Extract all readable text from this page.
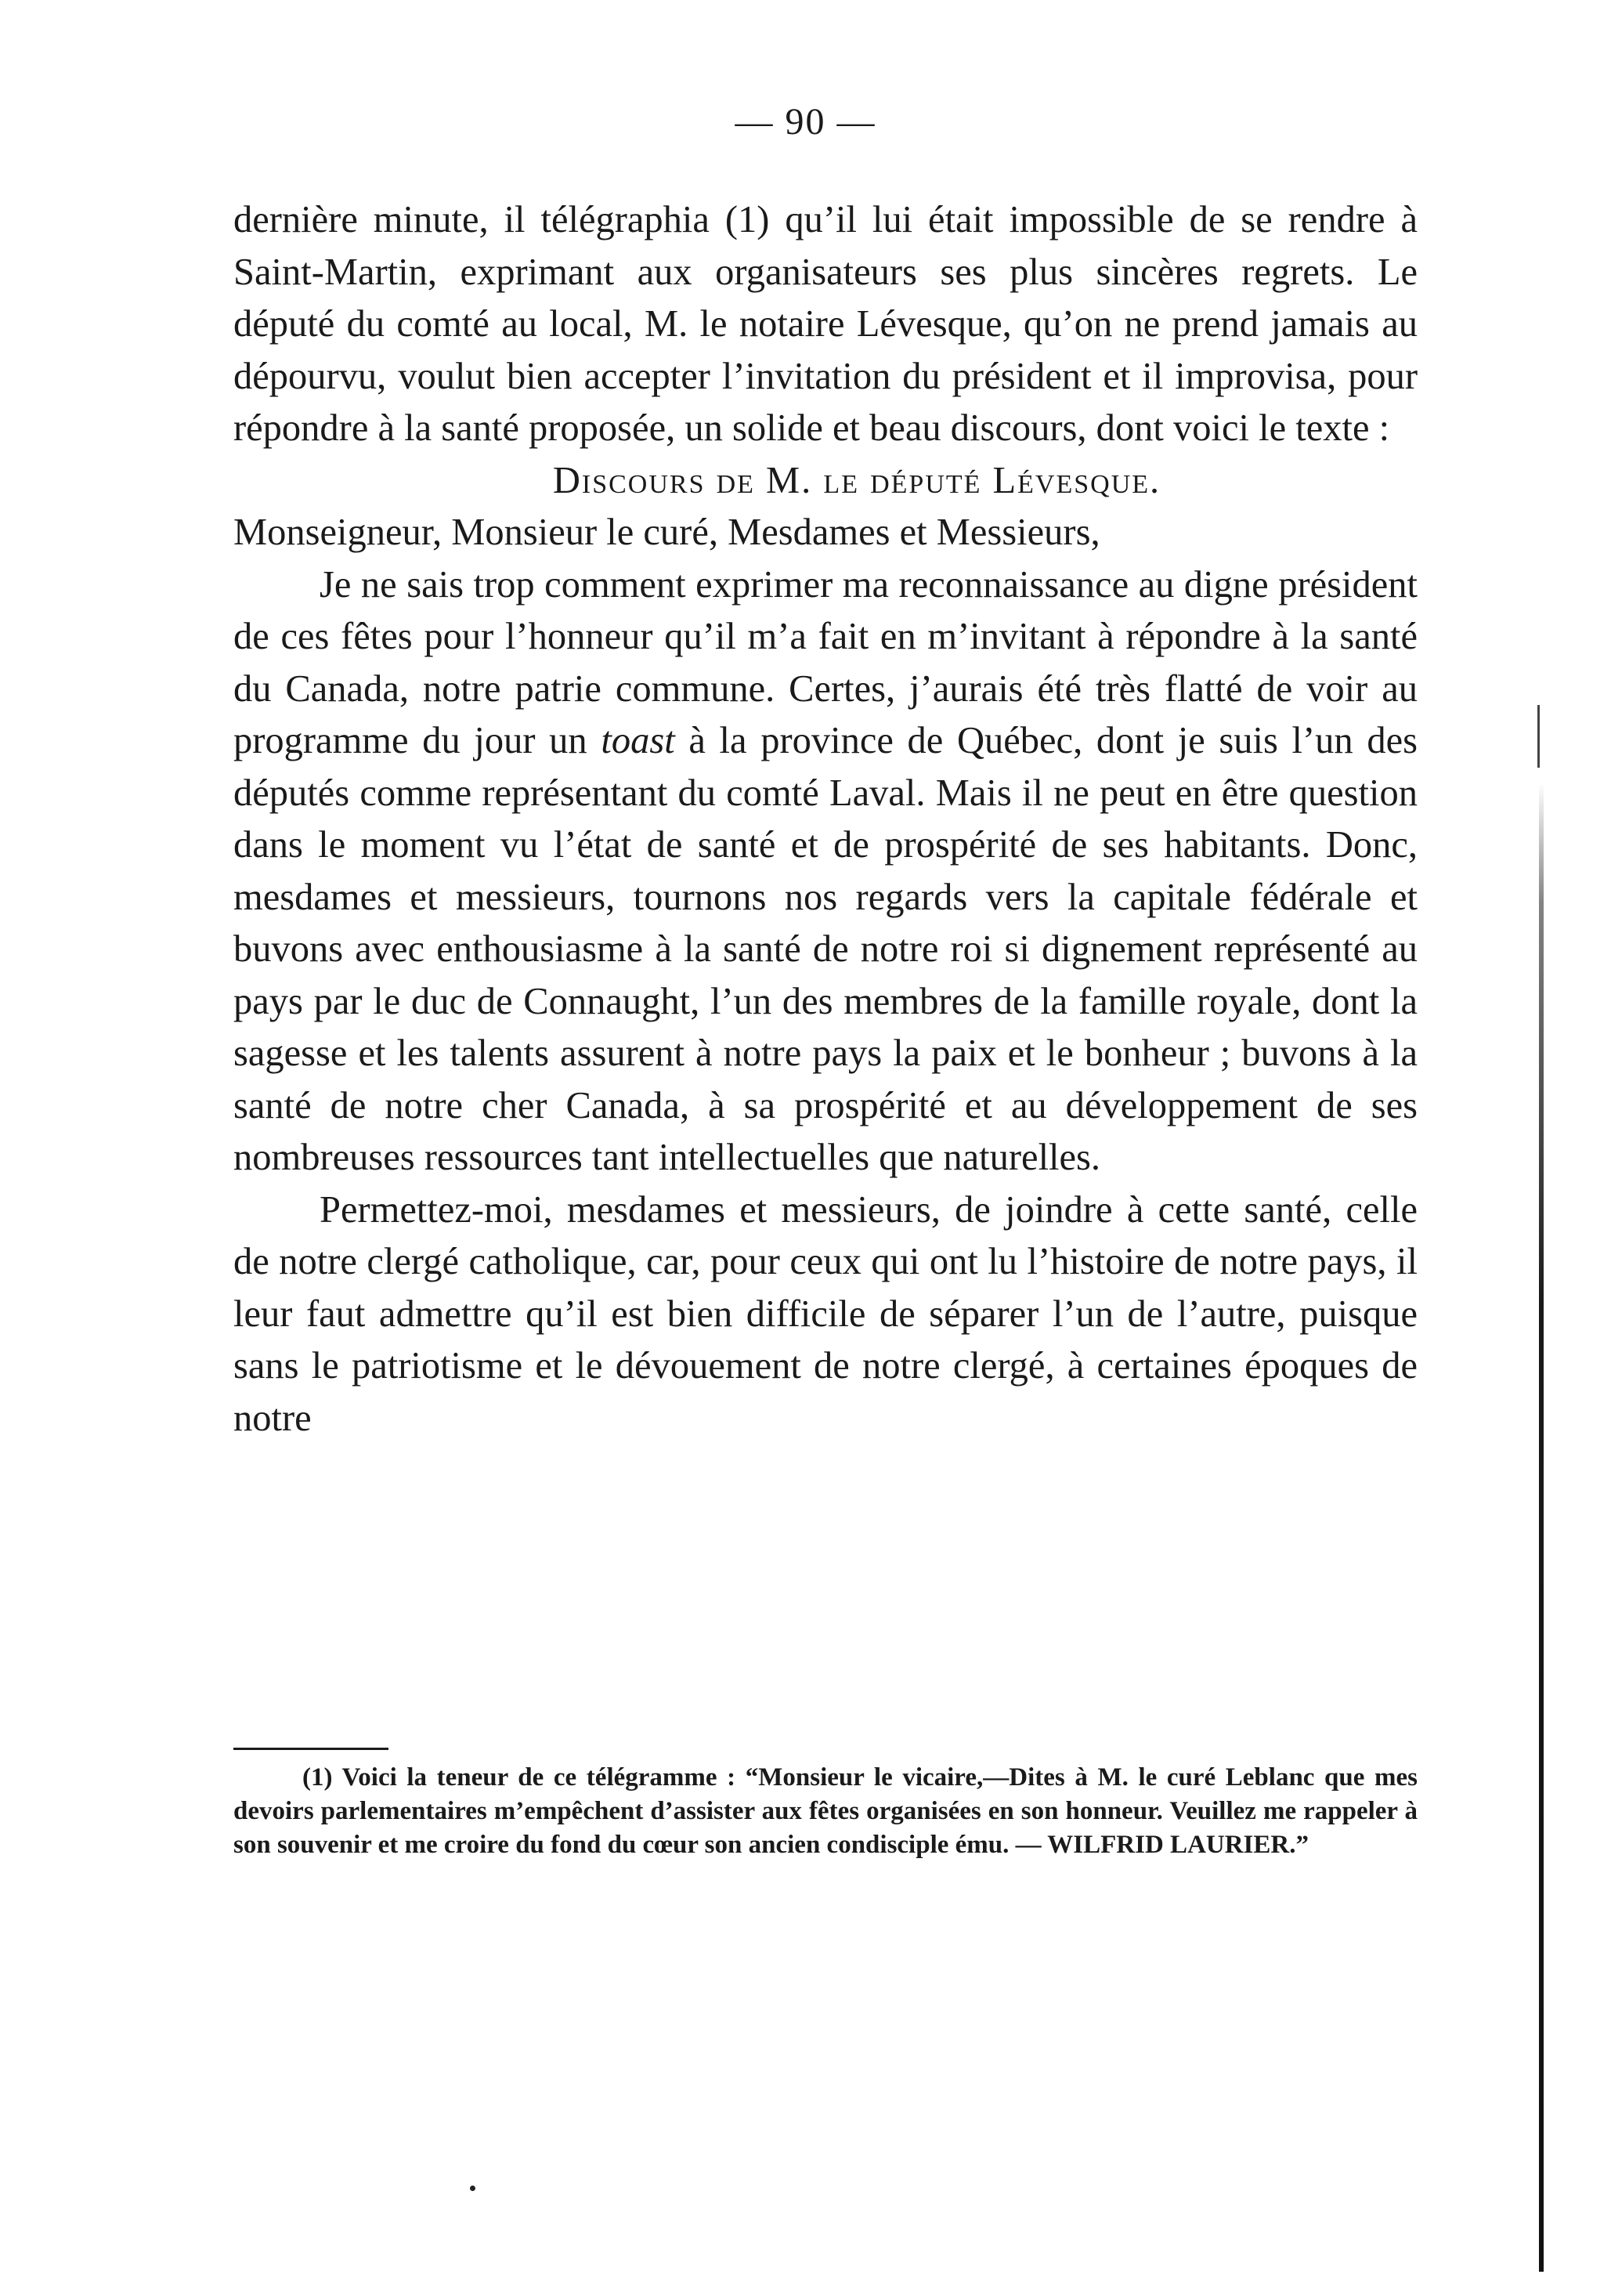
— 90 —

dernière minute, il télégraphia (1) qu’il lui était impossible de se rendre à Saint-Martin, exprimant aux organisateurs ses plus sincères regrets. Le député du comté au local, M. le notaire Lévesque, qu’on ne prend jamais au dépourvu, voulut bien accepter l’invitation du président et il improvisa, pour répondre à la santé proposée, un solide et beau discours, dont voici le texte :

Discours de M. le député Lévesque.

Monseigneur, Monsieur le curé, Mesdames et Messieurs,

Je ne sais trop comment exprimer ma reconnaissance au digne président de ces fêtes pour l’honneur qu’il m’a fait en m’invitant à répondre à la santé du Canada, notre patrie commune. Certes, j’aurais été très flatté de voir au programme du jour un toast à la province de Québec, dont je suis l’un des députés comme représentant du comté Laval. Mais il ne peut en être question dans le moment vu l’état de santé et de prospérité de ses habitants. Donc, mesdames et messieurs, tournons nos regards vers la capitale fédérale et buvons avec enthousiasme à la santé de notre roi si dignement représenté au pays par le duc de Connaught, l’un des membres de la famille royale, dont la sagesse et les talents assurent à notre pays la paix et le bonheur ; buvons à la santé de notre cher Canada, à sa prospérité et au développement de ses nombreuses ressources tant intellectuelles que naturelles.

Permettez-moi, mesdames et messieurs, de joindre à cette santé, celle de notre clergé catholique, car, pour ceux qui ont lu l’histoire de notre pays, il leur faut admettre qu’il est bien difficile de séparer l’un de l’autre, puisque sans le patriotisme et le dévouement de notre clergé, à certaines époques de notre

(1) Voici la teneur de ce télégramme : “Monsieur le vicaire,—Dites à M. le curé Leblanc que mes devoirs parlementaires m’empêchent d’assister aux fêtes organisées en son honneur. Veuillez me rappeler à son souvenir et me croire du fond du cœur son ancien condisciple ému. — WILFRID LAURIER.”
